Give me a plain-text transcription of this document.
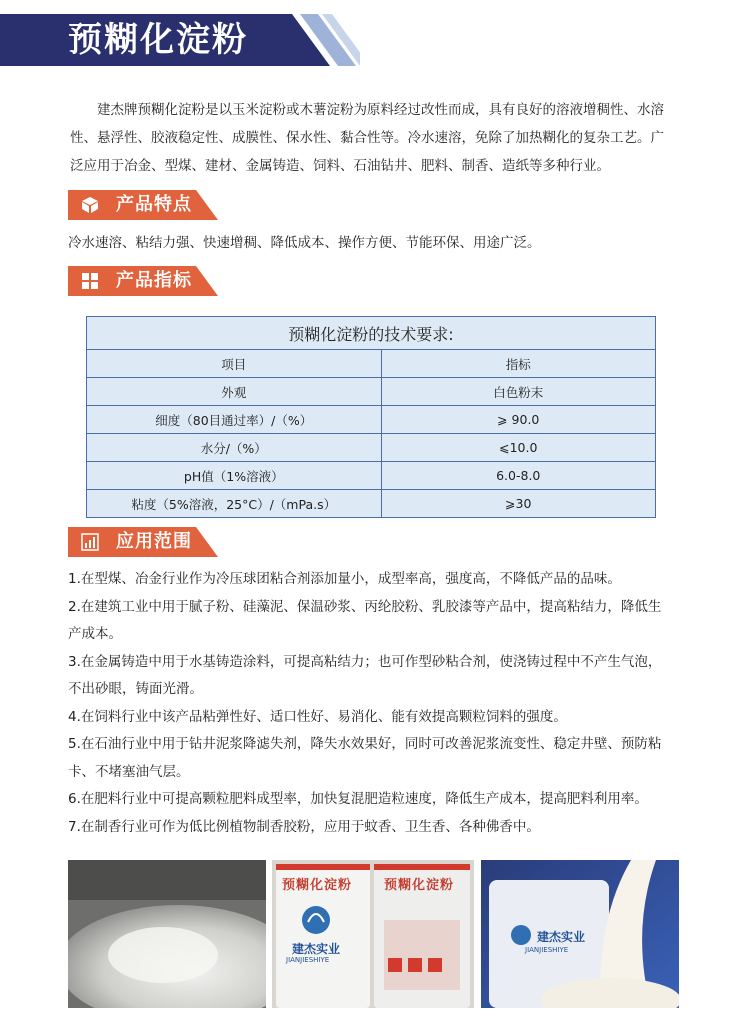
预糊化淀粉
建杰牌预糊化淀粉是以玉米淀粉或木薯淀粉为原料经过改性而成，具有良好的溶液增稠性、水溶性、悬浮性、胶液稳定性、成膜性、保水性、黏合性等。冷水速溶，免除了加热糊化的复杂工艺。广泛应用于冶金、型煤、建材、金属铸造、饲料、石油钻井、肥料、制香、造纸等多种行业。
产品特点
冷水速溶、粘结力强、快速增稠、降低成本、操作方便、节能环保、用途广泛。
产品指标
预糊化淀粉的技术要求:	
项目	指标
外观	白色粉末
细度（80目通过率）/（%）	⩾ 90.0
水分/（%）	⩽10.0
pH值（1%溶液）	6.0-8.0
粘度（5%溶液，25°C）/（mPa.s）	⩾30
应用范围

1.在型煤、冶金行业作为冷压球团粘合剂添加量小，成型率高，强度高，不降低产品的品味。

2.在建筑工业中用于腻子粉、硅藻泥、保温砂浆、丙纶胶粉、乳胶漆等产品中，提高粘结力，降低生产成本。

3.在金属铸造中用于水基铸造涂料，可提高粘结力；也可作型砂粘合剂，使浇铸过程中不产生气泡，不出砂眼，铸面光滑。

4.在饲料行业中该产品粘弹性好、适口性好、易消化、能有效提高颗粒饲料的强度。

5.在石油行业中用于钻井泥浆降滤失剂，降失水效果好，同时可改善泥浆流变性、稳定井壁、预防粘卡、不堵塞油气层。

6.在肥料行业中可提高颗粒肥料成型率，加快复混肥造粒速度，降低生产成本，提高肥料利用率。

7.在制香行业可作为低比例植物制香胶粉，应用于蚊香、卫生香、各种佛香中。

预糊化淀粉 预糊化淀粉
建杰实业
JIANJIESHIYE
建杰实业
JIANJIESHIYE
